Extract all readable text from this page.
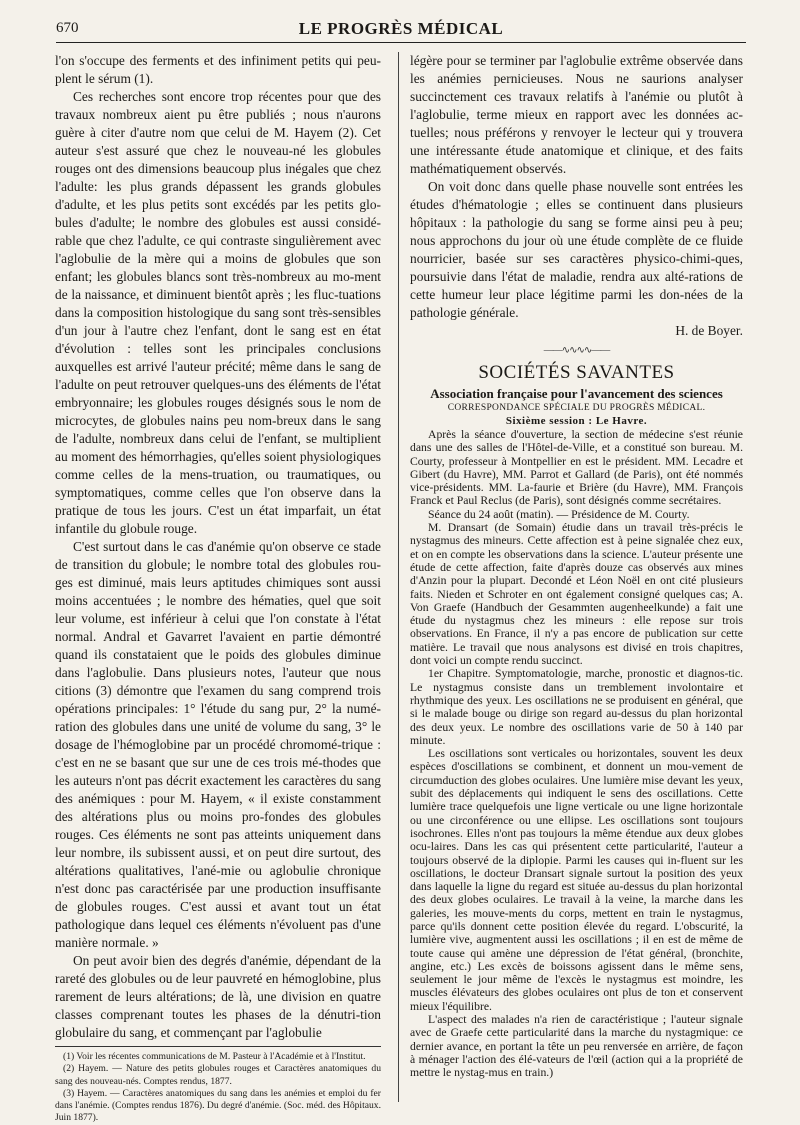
670	LE PROGRÈS MÉDICAL

l'on s'occupe des ferments et des infiniment petits qui peu-plent le sérum (1).

Ces recherches sont encore trop récentes pour que des travaux nombreux aient pu être publiés ; nous n'aurons guère à citer d'autre nom que celui de M. Hayem (2). Cet auteur s'est assuré que chez le nouveau-né les globules rouges ont des dimensions beaucoup plus inégales que chez l'adulte: les plus grands dépassent les grands globules d'adulte, et les plus petits sont excédés par les petits glo-bules d'adulte; le nombre des globules est aussi considé-rable que chez l'adulte, ce qui contraste singulièrement avec l'aglobulie de la mère qui a moins de globules que son enfant; les globules blancs sont très-nombreux au mo-ment de la naissance, et diminuent bientôt après ; les fluc-tuations dans la composition histologique du sang sont très-sensibles d'un jour à l'autre chez l'enfant, dont le sang est en état d'évolution : telles sont les principales conclusions auxquelles est arrivé l'auteur précité; même dans le sang de l'adulte on peut retrouver quelques-uns des éléments de l'état embryonnaire; les globules rouges désignés sous le nom de microcytes, de globules nains peu nom-breux dans le sang de l'adulte, nombreux dans celui de l'enfant, se multiplient au moment des hémorrhagies, qu'elles soient physiologiques comme celles de la mens-truation, ou traumatiques, ou symptomatiques, comme celles que l'on observe dans la pratique de tous les jours. C'est un état imparfait, un état infantile du globule rouge.

C'est surtout dans le cas d'anémie qu'on observe ce stade de transition du globule; le nombre total des globules rou-ges est diminué, mais leurs aptitudes chimiques sont aussi moins accentuées ; le nombre des hématies, quel que soit leur volume, est inférieur à celui que l'on constate à l'état normal. Andral et Gavarret l'avaient en partie démontré quand ils constataient que le poids des globules diminue dans l'aglobulie. Dans plusieurs notes, l'auteur que nous citions (3) démontre que l'examen du sang comprend trois opérations principales: 1° l'étude du sang pur, 2° la numé-ration des globules dans une unité de volume du sang, 3° le dosage de l'hémoglobine par un procédé chromomé-trique : c'est en ne se basant que sur une de ces trois mé-thodes que les auteurs n'ont pas décrit exactement les caractères du sang des anémiques : pour M. Hayem, « il existe constamment des altérations plus ou moins pro-fondes des globules rouges. Ces éléments ne sont pas atteints uniquement dans leur nombre, ils subissent aussi, et on peut dire surtout, des altérations qualitatives, l'ané-mie ou aglobulie chronique n'est donc pas caractérisée par une production insuffisante de globules rouges. C'est aussi et avant tout un état pathologique dans lequel ces éléments n'évoluent pas d'une manière normale. »

On peut avoir bien des degrés d'anémie, dépendant de la rareté des globules ou de leur pauvreté en hémoglobine, plus rarement de leurs altérations; de là, une division en quatre classes comprenant toutes les phases de la dénutri-tion globulaire du sang, et commençant par l'aglobulie

(1) Voir les récentes communications de M. Pasteur à l'Académie et à l'Institut.

(2) Hayem. — Nature des petits globules rouges et Caractères anatomiques du sang des nouveau-nés. Comptes rendus, 1877.

(3) Hayem. — Caractères anatomiques du sang dans les anémies et emploi du fer dans l'anémie. (Comptes rendus 1876). Du degré d'anémie. (Soc. méd. des Hôpitaux. Juin 1877).

légère pour se terminer par l'aglobulie extrême observée dans les anémies pernicieuses. Nous ne saurions analyser succinctement ces travaux relatifs à l'anémie ou plutôt à l'aglobulie, terme mieux en rapport avec les données ac-tuelles; nous préférons y renvoyer le lecteur qui y trouvera une intéressante étude anatomique et clinique, et des faits mathématiquement observés.

On voit donc dans quelle phase nouvelle sont entrées les études d'hématologie ; elles se continuent dans plusieurs hôpitaux : la pathologie du sang se forme ainsi peu à peu; nous approchons du jour où une étude complète de ce fluide nourricier, basée sur ses caractères physico-chimi-ques, poursuivie dans l'état de maladie, rendra aux alté-rations de cette humeur leur place légitime parmi les don-nées de la pathologie générale.

H. de Boyer.

——∿∿∿∿——
SOCIÉTÉS SAVANTES
Association française pour l'avancement des sciences
CORRESPONDANCE SPÉCIALE DU PROGRÈS MÉDICAL.
Sixième session : Le Havre.

Après la séance d'ouverture, la section de médecine s'est réunie dans une des salles de l'Hôtel-de-Ville, et a constitué son bureau. M. Courty, professeur à Montpellier en est le président. MM. Lecadre et Gibert (du Havre), MM. Parrot et Gallard (de Paris), ont été nommés vice-présidents. MM. La-faurie et Brière (du Havre), MM. François Franck et Paul Reclus (de Paris), sont désignés comme secrétaires.

Séance du 24 août (matin). — Présidence de M. Courty.

M. Dransart (de Somain) étudie dans un travail très-précis le nystagmus des mineurs. Cette affection est à peine signalée chez eux, et on en compte les observations dans la science. L'auteur présente une étude de cette affection, faite d'après douze cas observés aux mines d'Anzin pour la plupart. Decondé et Léon Noël en ont cité plusieurs faits. Nieden et Schroter en ont également consigné quelques cas; A. Von Graefe (Handbuch der Gesammten augenheelkunde) a fait une étude du nystagmus chez les mineurs : elle repose sur trois observations. En France, il n'y a pas encore de publication sur cette matière. Le travail que nous analysons est divisé en trois chapitres, dont voici un compte rendu succinct.

1er Chapitre. Symptomatologie, marche, pronostic et diagnos-tic. Le nystagmus consiste dans un tremblement involontaire et rhythmique des yeux. Les oscillations ne se produisent en général, que si le malade bouge ou dirige son regard au-dessus du plan horizontal des deux yeux. Le nombre des oscillations varie de 50 à 140 par minute.

Les oscillations sont verticales ou horizontales, souvent les deux espèces d'oscillations se combinent, et donnent un mou-vement de circumduction des globes oculaires. Une lumière mise devant les yeux, subit des déplacements qui indiquent le sens des oscillations. Cette lumière trace quelquefois une ligne verticale ou une ligne horizontale ou une circonférence ou une ellipse. Les oscillations sont toujours isochrones. Elles n'ont pas toujours la même étendue aux deux globes ocu-laires. Dans les cas qui présentent cette particularité, l'auteur a toujours observé de la diplopie. Parmi les causes qui in-fluent sur les oscillations, le docteur Dransart signale surtout la position des yeux dans laquelle la ligne du regard est située au-dessus du plan horizontal des deux globes oculaires. Le travail à la veine, la marche dans les galeries, les mouve-ments du corps, mettent en train le nystagmus, parce qu'ils donnent cette position élevée du regard. L'obscurité, la lumière vive, augmentent aussi les oscillations ; il en est de même de toute cause qui amène une dépression de l'état général, (bronchite, angine, etc.) Les excès de boissons agissent dans le même sens, seulement le jour même de l'excès le nystagmus est moindre, les muscles élévateurs des globes oculaires ont plus de ton et conservent mieux l'équilibre.

L'aspect des malades n'a rien de caractéristique ; l'auteur signale avec de Graefe cette particularité dans la marche du nystagmique: ce dernier avance, en portant la tête un peu renversée en arrière, de façon à ménager l'action des élé-vateurs de l'œil (action qui a la propriété de mettre le nystag-mus en train.)
